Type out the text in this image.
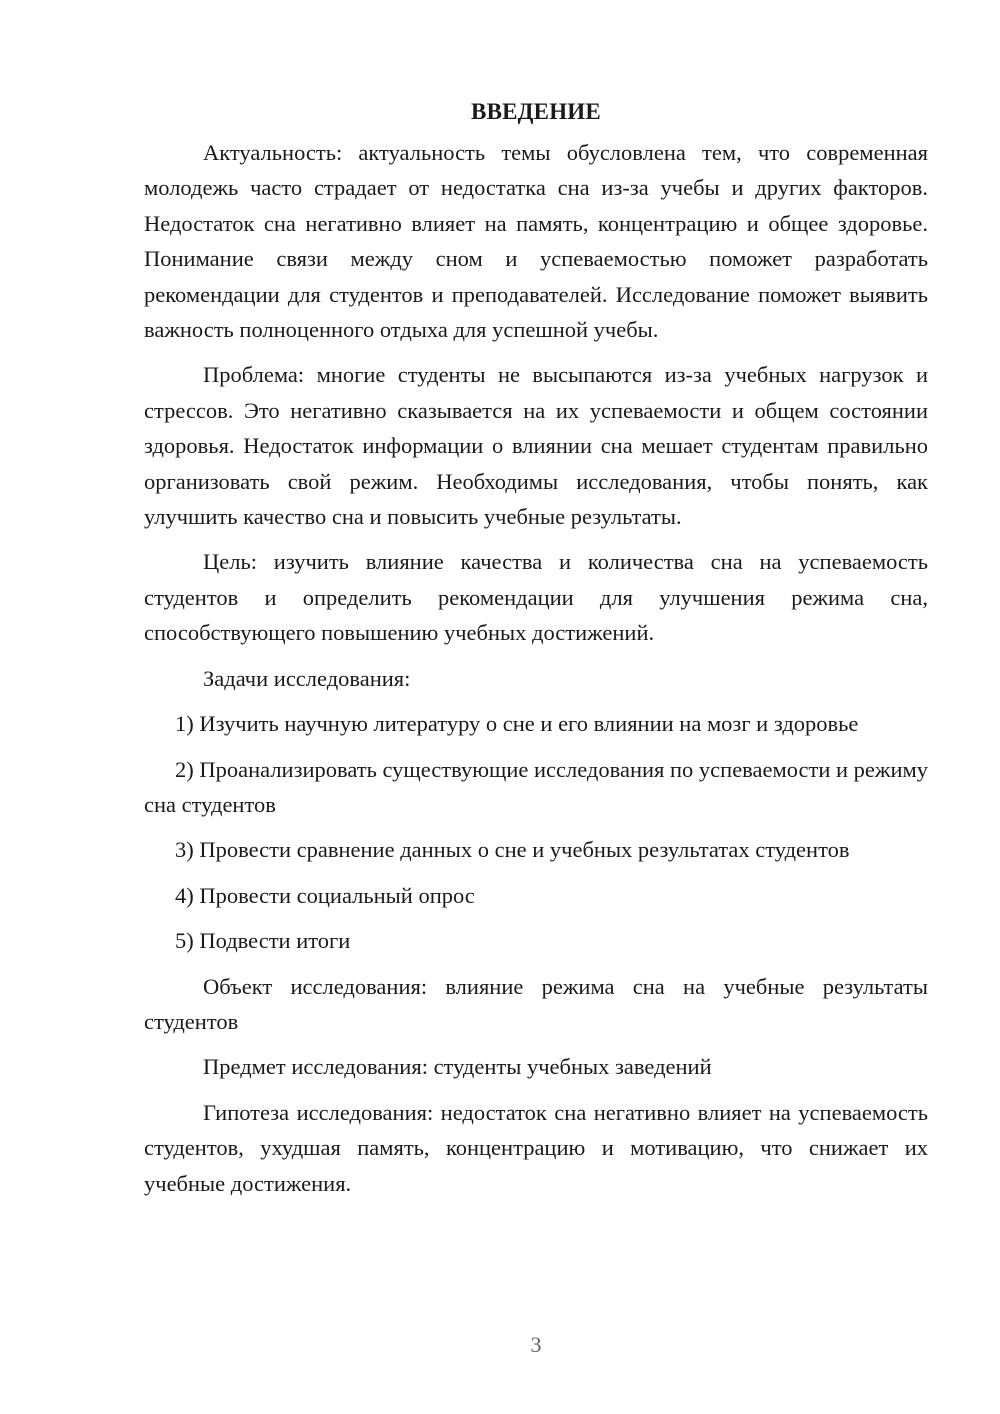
ВВЕДЕНИЕ

Актуальность: актуальность темы обусловлена тем, что современная молодежь часто страдает от недостатка сна из-за учебы и других факторов. Недостаток сна негативно влияет на память, концентрацию и общее здоровье. Понимание связи между сном и успеваемостью поможет разработать рекомендации для студентов и преподавателей. Исследование поможет выявить важность полноценного отдыха для успешной учебы.

Проблема: многие студенты не высыпаются из-за учебных нагрузок и стрессов. Это негативно сказывается на их успеваемости и общем состоянии здоровья. Недостаток информации о влиянии сна мешает студентам правильно организовать свой режим. Необходимы исследования, чтобы понять, как улучшить качество сна и повысить учебные результаты.

Цель: изучить влияние качества и количества сна на успеваемость студентов и определить рекомендации для улучшения режима сна, способствующего повышению учебных достижений.

Задачи исследования:

1) Изучить научную литературу о сне и его влиянии на мозг и здоровье

2) Проанализировать существующие исследования по успеваемости и режиму сна студентов

3) Провести сравнение данных о сне и учебных результатах студентов

4) Провести социальный опрос

5) Подвести итоги

Объект исследования: влияние режима сна на учебные результаты студентов

Предмет исследования: студенты учебных заведений

Гипотеза исследования: недостаток сна негативно влияет на успеваемость студентов, ухудшая память, концентрацию и мотивацию, что снижает их учебные достижения.

3
